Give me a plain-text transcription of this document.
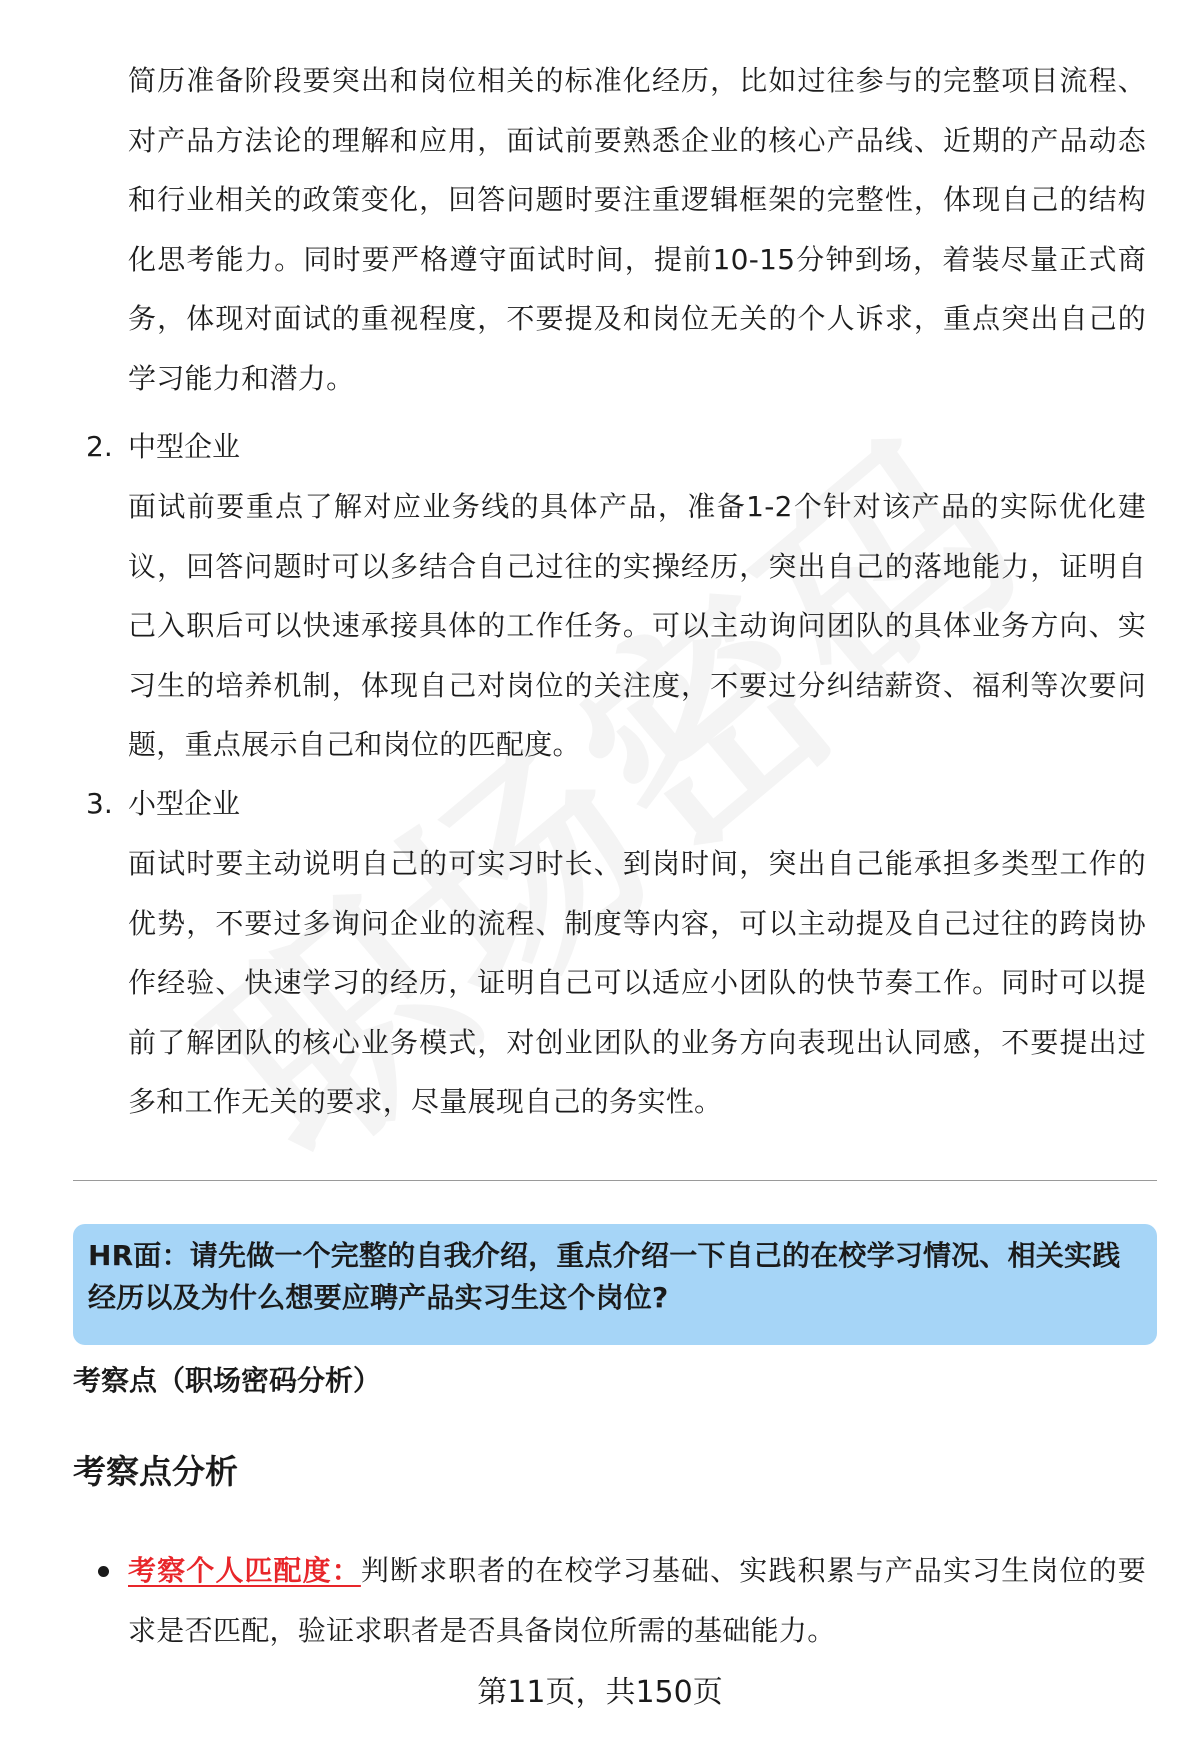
简历准备阶段要突出和岗位相关的标准化经历，比如过往参与的完整项目流程、对产品方法论的理解和应用，面试前要熟悉企业的核心产品线、近期的产品动态和行业相关的政策变化，回答问题时要注重逻辑框架的完整性，体现自己的结构化思考能力。同时要严格遵守面试时间，提前10-15分钟到场，着装尽量正式商务，体现对面试的重视程度，不要提及和岗位无关的个人诉求，重点突出自己的学习能力和潜力。
2. 中型企业
面试前要重点了解对应业务线的具体产品，准备1-2个针对该产品的实际优化建议，回答问题时可以多结合自己过往的实操经历，突出自己的落地能力，证明自己入职后可以快速承接具体的工作任务。可以主动询问团队的具体业务方向、实习生的培养机制，体现自己对岗位的关注度，不要过分纠结薪资、福利等次要问题，重点展示自己和岗位的匹配度。
3. 小型企业
面试时要主动说明自己的可实习时长、到岗时间，突出自己能承担多类型工作的优势，不要过多询问企业的流程、制度等内容，可以主动提及自己过往的跨岗协作经验、快速学习的经历，证明自己可以适应小团队的快节奏工作。同时可以提前了解团队的核心业务模式，对创业团队的业务方向表现出认同感，不要提出过多和工作无关的要求，尽量展现自己的务实性。
HR面：请先做一个完整的自我介绍，重点介绍一下自己的在校学习情况、相关实践经历以及为什么想要应聘产品实习生这个岗位?
考察点（职场密码分析）
考察点分析
考察个人匹配度：判断求职者的在校学习基础、实践积累与产品实习生岗位的要求是否匹配，验证求职者是否具备岗位所需的基础能力。
第11页，共150页
